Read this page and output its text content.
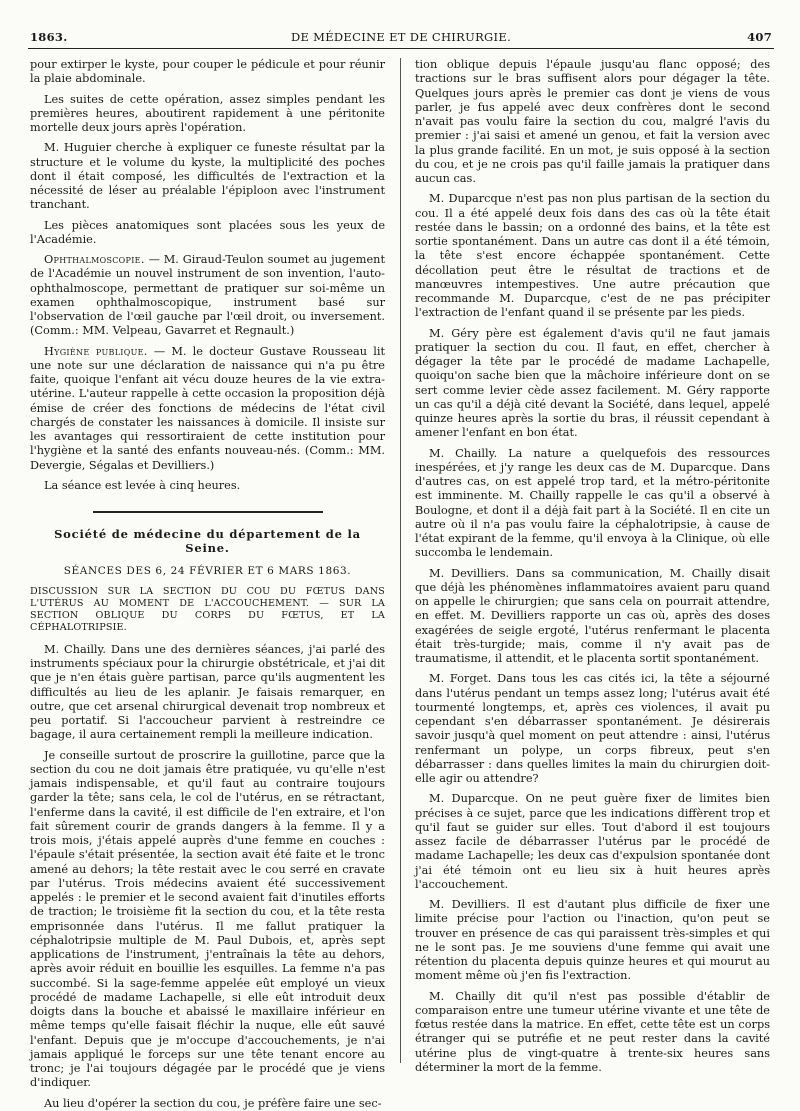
1863.	DE MÉDECINE ET DE CHIRURGIE.	407

pour extirper le kyste, pour couper le pédicule et pour réunir la plaie abdominale.

Les suites de cette opération, assez simples pendant les premières heures, aboutirent rapidement à une péritonite mortelle deux jours après l'opération.

M. Huguier cherche à expliquer ce funeste résultat par la structure et le volume du kyste, la multiplicité des poches dont il était composé, les difficultés de l'extraction et la nécessité de léser au préalable l'épiploon avec l'instrument tranchant.

Les pièces anatomiques sont placées sous les yeux de l'Académie.

Ophthalmoscopie. — M. Giraud-Teulon soumet au jugement de l'Académie un nouvel instrument de son invention, l'auto-ophthalmoscope, permettant de pratiquer sur soi-même un examen ophthalmoscopique, instrument basé sur l'observation de l'œil gauche par l'œil droit, ou inversement. (Comm.: MM. Velpeau, Gavarret et Regnault.)

Hygiène publique. — M. le docteur Gustave Rousseau lit une note sur une déclaration de naissance qui n'a pu être faite, quoique l'enfant ait vécu douze heures de la vie extra-utérine. L'auteur rappelle à cette occasion la proposition déjà émise de créer des fonctions de médecins de l'état civil chargés de constater les naissances à domicile. Il insiste sur les avantages qui ressortiraient de cette institution pour l'hygiène et la santé des enfants nouveau-nés. (Comm.: MM. Devergie, Ségalas et Devilliers.)

La séance est levée à cinq heures.

Société de médecine du département de la Seine.
SÉANCES DES 6, 24 FÉVRIER ET 6 MARS 1863.
DISCUSSION SUR LA SECTION DU COU DU FŒTUS DANS L'UTÉRUS AU MOMENT DE L'ACCOUCHEMENT. — SUR LA SECTION OBLIQUE DU CORPS DU FŒTUS, ET LA CÉPHALOTRIPSIE.

M. Chailly. Dans une des dernières séances, j'ai parlé des instruments spéciaux pour la chirurgie obstétricale, et j'ai dit que je n'en étais guère partisan, parce qu'ils augmentent les difficultés au lieu de les aplanir. Je faisais remarquer, en outre, que cet arsenal chirurgical devenait trop nombreux et peu portatif. Si l'accoucheur parvient à restreindre ce bagage, il aura certainement rempli la meilleure indication.

Je conseille surtout de proscrire la guillotine, parce que la section du cou ne doit jamais être pratiquée, vu qu'elle n'est jamais indispensable, et qu'il faut au contraire toujours garder la tête; sans cela, le col de l'utérus, en se rétractant, l'enferme dans la cavité, il est difficile de l'en extraire, et l'on fait sûrement courir de grands dangers à la femme. Il y a trois mois, j'étais appelé auprès d'une femme en couches : l'épaule s'était présentée, la section avait été faite et le tronc amené au dehors; la tête restait avec le cou serré en cravate par l'utérus. Trois médecins avaient été successivement appelés : le premier et le second avaient fait d'inutiles efforts de traction; le troisième fit la section du cou, et la tête resta emprisonnée dans l'utérus. Il me fallut pratiquer la céphalotripsie multiple de M. Paul Dubois, et, après sept applications de l'instrument, j'entraînais la tête au dehors, après avoir réduit en bouillie les esquilles. La femme n'a pas succombé. Si la sage-femme appelée eût employé un vieux procédé de madame Lachapelle, si elle eût introduit deux doigts dans la bouche et abaissé le maxillaire inférieur en même temps qu'elle faisait fléchir la nuque, elle eût sauvé l'enfant. Depuis que je m'occupe d'accouchements, je n'ai jamais appliqué le forceps sur une tête tenant encore au tronc; je l'ai toujours dégagée par le procédé que je viens d'indiquer.

Au lieu d'opérer la section du cou, je préfère faire une sec-

tion oblique depuis l'épaule jusqu'au flanc opposé; des tractions sur le bras suffisent alors pour dégager la tête. Quelques jours après le premier cas dont je viens de vous parler, je fus appelé avec deux confrères dont le second n'avait pas voulu faire la section du cou, malgré l'avis du premier : j'ai saisi et amené un genou, et fait la version avec la plus grande facilité. En un mot, je suis opposé à la section du cou, et je ne crois pas qu'il faille jamais la pratiquer dans aucun cas.

M. Duparcque n'est pas non plus partisan de la section du cou. Il a été appelé deux fois dans des cas où la tête était restée dans le bassin; on a ordonné des bains, et la tête est sortie spontanément. Dans un autre cas dont il a été témoin, la tête s'est encore échappée spontanément. Cette décollation peut être le résultat de tractions et de manœuvres intempestives. Une autre précaution que recommande M. Duparcque, c'est de ne pas précipiter l'extraction de l'enfant quand il se présente par les pieds.

M. Géry père est également d'avis qu'il ne faut jamais pratiquer la section du cou. Il faut, en effet, chercher à dégager la tête par le procédé de madame Lachapelle, quoiqu'on sache bien que la mâchoire inférieure dont on se sert comme levier cède assez facilement. M. Géry rapporte un cas qu'il a déjà cité devant la Société, dans lequel, appelé quinze heures après la sortie du bras, il réussit cependant à amener l'enfant en bon état.

M. Chailly. La nature a quelquefois des ressources inespérées, et j'y range les deux cas de M. Duparcque. Dans d'autres cas, on est appelé trop tard, et la métro-péritonite est imminente. M. Chailly rappelle le cas qu'il a observé à Boulogne, et dont il a déjà fait part à la Société. Il en cite un autre où il n'a pas voulu faire la céphalotripsie, à cause de l'état expirant de la femme, qu'il envoya à la Clinique, où elle succomba le lendemain.

M. Devilliers. Dans sa communication, M. Chailly disait que déjà les phénomènes inflammatoires avaient paru quand on appelle le chirurgien; que sans cela on pourrait attendre, en effet. M. Devilliers rapporte un cas où, après des doses exagérées de seigle ergoté, l'utérus renfermant le placenta était très-turgide; mais, comme il n'y avait pas de traumatisme, il attendit, et le placenta sortit spontanément.

M. Forget. Dans tous les cas cités ici, la tête a séjourné dans l'utérus pendant un temps assez long; l'utérus avait été tourmenté longtemps, et, après ces violences, il avait pu cependant s'en débarrasser spontanément. Je désirerais savoir jusqu'à quel moment on peut attendre : ainsi, l'utérus renfermant un polype, un corps fibreux, peut s'en débarrasser : dans quelles limites la main du chirurgien doit-elle agir ou attendre?

M. Duparcque. On ne peut guère fixer de limites bien précises à ce sujet, parce que les indications diffèrent trop et qu'il faut se guider sur elles. Tout d'abord il est toujours assez facile de débarrasser l'utérus par le procédé de madame Lachapelle; les deux cas d'expulsion spontanée dont j'ai été témoin ont eu lieu six à huit heures après l'accouchement.

M. Devilliers. Il est d'autant plus difficile de fixer une limite précise pour l'action ou l'inaction, qu'on peut se trouver en présence de cas qui paraissent très-simples et qui ne le sont pas. Je me souviens d'une femme qui avait une rétention du placenta depuis quinze heures et qui mourut au moment même où j'en fis l'extraction.

M. Chailly dit qu'il n'est pas possible d'établir de comparaison entre une tumeur utérine vivante et une tête de fœtus restée dans la matrice. En effet, cette tête est un corps étranger qui se putréfie et ne peut rester dans la cavité utérine plus de vingt-quatre à trente-six heures sans déterminer la mort de la femme.
